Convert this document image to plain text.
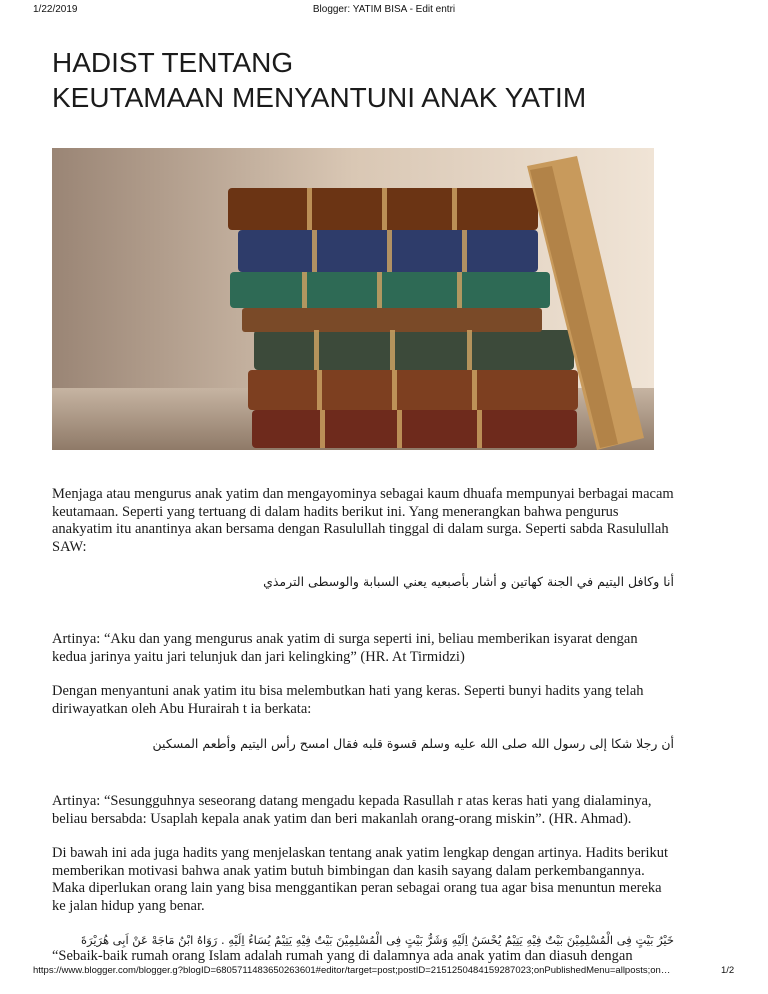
1/22/2019	Blogger: YATIM BISA - Edit entri
HADIST TENTANG
KEUTAMAAN MENYANTUNI ANAK YATIM

Menjaga atau mengurus anak yatim dan mengayominya sebagai kaum dhuafa mempunyai berbagai macam keutamaan. Seperti yang tertuang di dalam hadits berikut ini. Yang menerangkan bahwa pengurus anakyatim itu anantinya akan bersama dengan Rasulullah tinggal di dalam surga. Seperti sabda Rasulullah SAW:

أنا وكافل اليتيم في الجنة كهاتين و أشار بأصبعيه يعني السبابة والوسطى الترمذي

Artinya: “Aku dan yang mengurus anak yatim di surga seperti ini, beliau memberikan isyarat dengan kedua jarinya yaitu jari telunjuk dan jari kelingking” (HR. At Tirmidzi)

Dengan menyantuni anak yatim itu bisa melembutkan hati yang keras. Seperti bunyi hadits yang telah diriwayatkan oleh Abu Hurairah t ia berkata:

أن رجلا شكا إلى رسول الله صلى الله عليه وسلم قسوة قلبه فقال امسح رأس اليتيم وأطعم المسكين

Artinya: “Sesungguhnya seseorang datang mengadu kepada Rasullah r atas keras hati yang dialaminya, beliau bersabda: Usaplah kepala anak yatim dan beri makanlah orang-orang miskin”. (HR. Ahmad).

Di bawah ini ada juga hadits yang menjelaskan tentang anak yatim lengkap dengan artinya. Hadits berikut memberikan motivasi bahwa anak yatim butuh bimbingan dan kasih sayang dalam perkembangannya. Maka diperlukan orang lain yang bisa menggantikan peran sebagai orang tua agar bisa menuntun mereka ke jalan hidup yang benar.

خَيْرُ بَيْتٍ فِى الْمُسْلِمِيْنَ بَيْتٌ فِيْهِ يَتِيْمٌ يُحْسَنُ اِلَيْهِ وَشَرُّ بَيْتٍ فِى الْمُسْلِمِيْنَ بَيْتٌ فِيْهِ يَتِيْمٌ يُسَاءُ اِلَيْهِ . رَوَاهُ ابْنُ مَاجَهْ عَنْ اَبِى هُرَيْرَةَ

“Sebaik-baik rumah orang Islam adalah rumah yang di dalamnya ada anak yatim dan diasuh dengan

https://www.blogger.com/blogger.g?blogID=6805711483650263601#editor/target=post;postID=2151250484159287023;onPublishedMenu=allposts;on…	1/2
